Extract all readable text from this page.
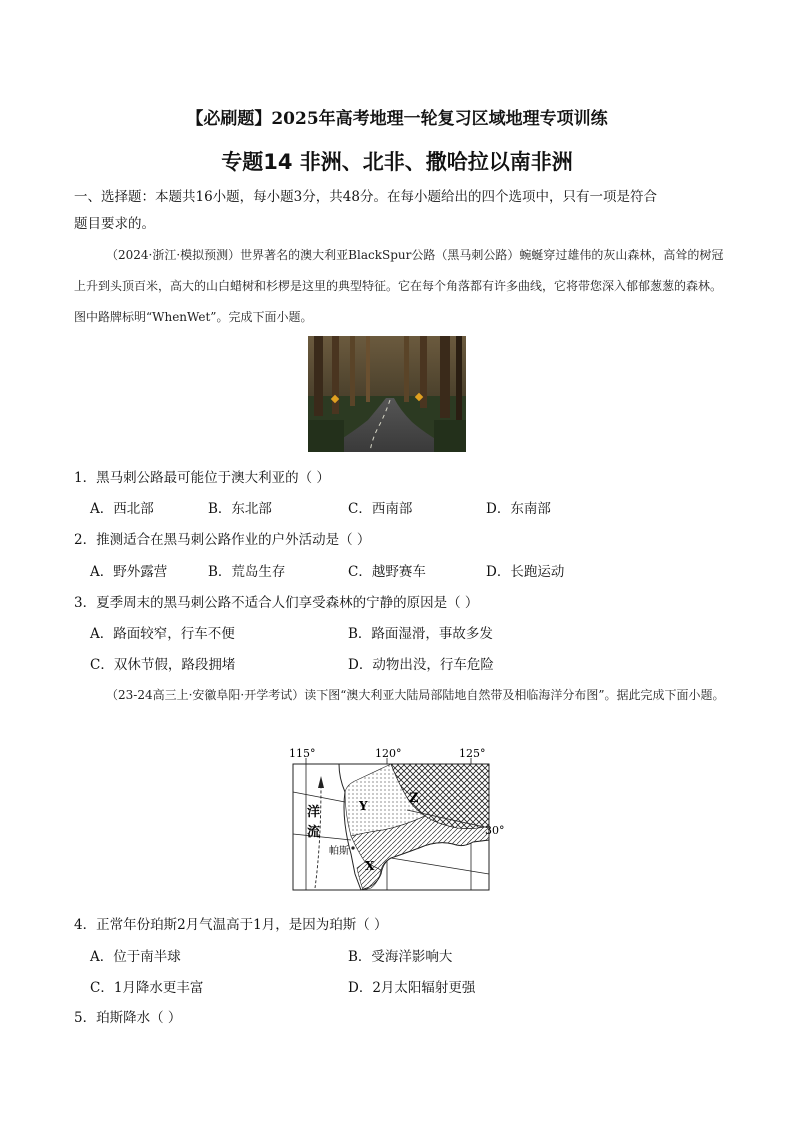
【必刷题】2025年高考地理一轮复习区域地理专项训练
专题14 非洲、北非、撒哈拉以南非洲
一、选择题：本题共16小题，每小题3分，共48分。在每小题给出的四个选项中，只有一项是符合
题目要求的。
（2024·浙江·模拟预测）世界著名的澳大利亚BlackSpur公路（黑马刺公路）蜿蜒穿过雄伟的灰山森林，高耸的树冠上升到头顶百米，高大的山白蜡树和杉椤是这里的典型特征。它在每个角落都有许多曲线，它将带您深入郁郁葱葱的森林。图中路牌标明“WhenWet”。完成下面小题。
1．黑马刺公路最可能位于澳大利亚的（ ）
A．西北部	B．东北部	C．西南部	D．东南部
2．推测适合在黑马刺公路作业的户外活动是（ ）
A．野外露营	B．荒岛生存	C．越野赛车	D．长跑运动
3．夏季周末的黑马刺公路不适合人们享受森林的宁静的原因是（ ）
A．路面较窄，行车不便	B．路面湿滑，事故多发
C．双休节假，路段拥堵	D．动物出没，行车危险
（23-24高三上·安徽阜阳·开学考试）读下图“澳大利亚大陆局部陆地自然带及相临海洋分布图”。据此完成下面小题。
115°	120°	125°
30°
洋
流
帕斯
X
Y	Z
4．正常年份珀斯2月气温高于1月，是因为珀斯（ ）
A．位于南半球	B．受海洋影响大
C．1月降水更丰富	D．2月太阳辐射更强
5．珀斯降水（ ）
